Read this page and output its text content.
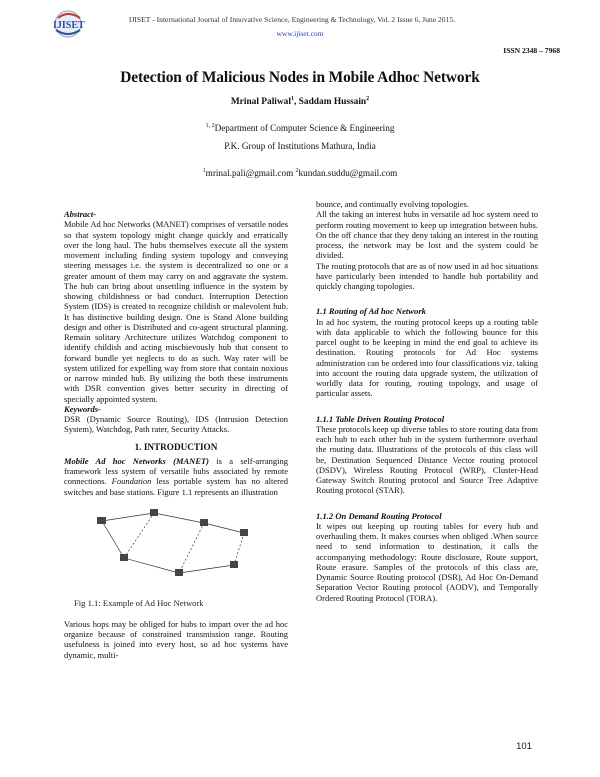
IJISET
IJISET - International Journal of Innovative Science, Engineering & Technology, Vol. 2 Issue 6, June 2015.
www.ijiset.com
ISSN 2348 – 7968
Detection of Malicious Nodes in Mobile Adhoc Network
Mrinal Paliwal$^1$, Saddam Hussain$^2$
$^{1, 2}$Department of Computer Science & Engineering
P.K. Group of Institutions Mathura, India
$^1$mrinal.pali@gmail.com $^2$kundan.suddu@gmail.com

Abstract-

Mobile Ad hoc Networks (MANET) comprises of versatile nodes so that system topology might change quickly and erratically over the long haul. The hubs themselves execute all the system movement including finding system topology and conveying steering messages i.e. the system is decentralized so one or a greater amount of them may carry on and aggravate the system. The hub can bring about unsettling influence in the system by showing childishness or bad conduct. Interruption Detection System (IDS) is created to recognize childish or malevolent hub. It has distinctive building design. One is Stand Alone building design and other is Distributed and co-agent structural planning. Remain solitary Architecture utilizes Watchdog component to identify childish and acting mischievously hub that consent to forward bundle yet neglects to do as such. Way rater will be system utilized for expelling way from store that contain noxious or narrow minded hub. By utilizing the both these instruments with DSR convention gives better security in directing of specially appointed system.

Keywords-

DSR (Dynamic Source Routing), IDS (Intrusion Detection System), Watchdog, Path rater, Security Attacks.

1. INTRODUCTION

Mobile Ad hoc Networks (MANET) is a self-arranging framework less system of versatile hubs associated by remote connections. Foundation less portable system has no altered switches and base stations. Figure 1.1 represents an illustration

Fig 1.1: Example of Ad Hoc Network

Various hops may be obliged for hubs to impart over the ad hoc organize because of constrained transmission range. Routing usefulness is joined into every host, so ad hoc systems have dynamic, multi-

bounce, and continually evolving topologies.

All the taking an interest hubs in versatile ad hoc system need to perform routing movement to keep up integration between hubs. On the off chance that they deny taking an interest in the routing process, the network may be lost and the system could be divided.

The routing protocols that are as of now used in ad hoc situations have particularly been intended to handle hub portability and quickly changing topologies.

1.1 Routing of Ad hoc Network

In ad hoc system, the routing protocol keeps up a routing table with data applicable to which the following bounce for this parcel ought to be keeping in mind the end goal to achieve its destination. Routing protocols for Ad Hoc systems administration can be ordered into four classifications viz. taking into account the routing data upgrade system, the utilization of worldly data for routing, routing topology, and usage of particular assets.

1.1.1 Table Driven Routing Protocol

These protocols keep up diverse tables to store routing data from each hub to each other hub in the system furthermore overhaul the routing data. Illustrations of the protocols of this class will be, Destination Sequenced Distance Vector routing protocol (DSDV), Wireless Routing Protocol (WRP), Cluster-Head Gateway Switch Routing protocol and Source Tree Adaptive Routing protocol (STAR).

1.1.2 On Demand Routing Protocol

It wipes out keeping up routing tables for every hub and overhauling them. It makes courses when obliged .When source need to send information to destination, it calls the accompanying methodology: Route disclosure, Route support, Route erasure. Samples of the protocols of this class are, Dynamic Source Routing protocol (DSR), Ad Hoc On-Demand Separation Vector Routing protocol (AODV), and Temporally Ordered Routing Protocol (TORA).

101
